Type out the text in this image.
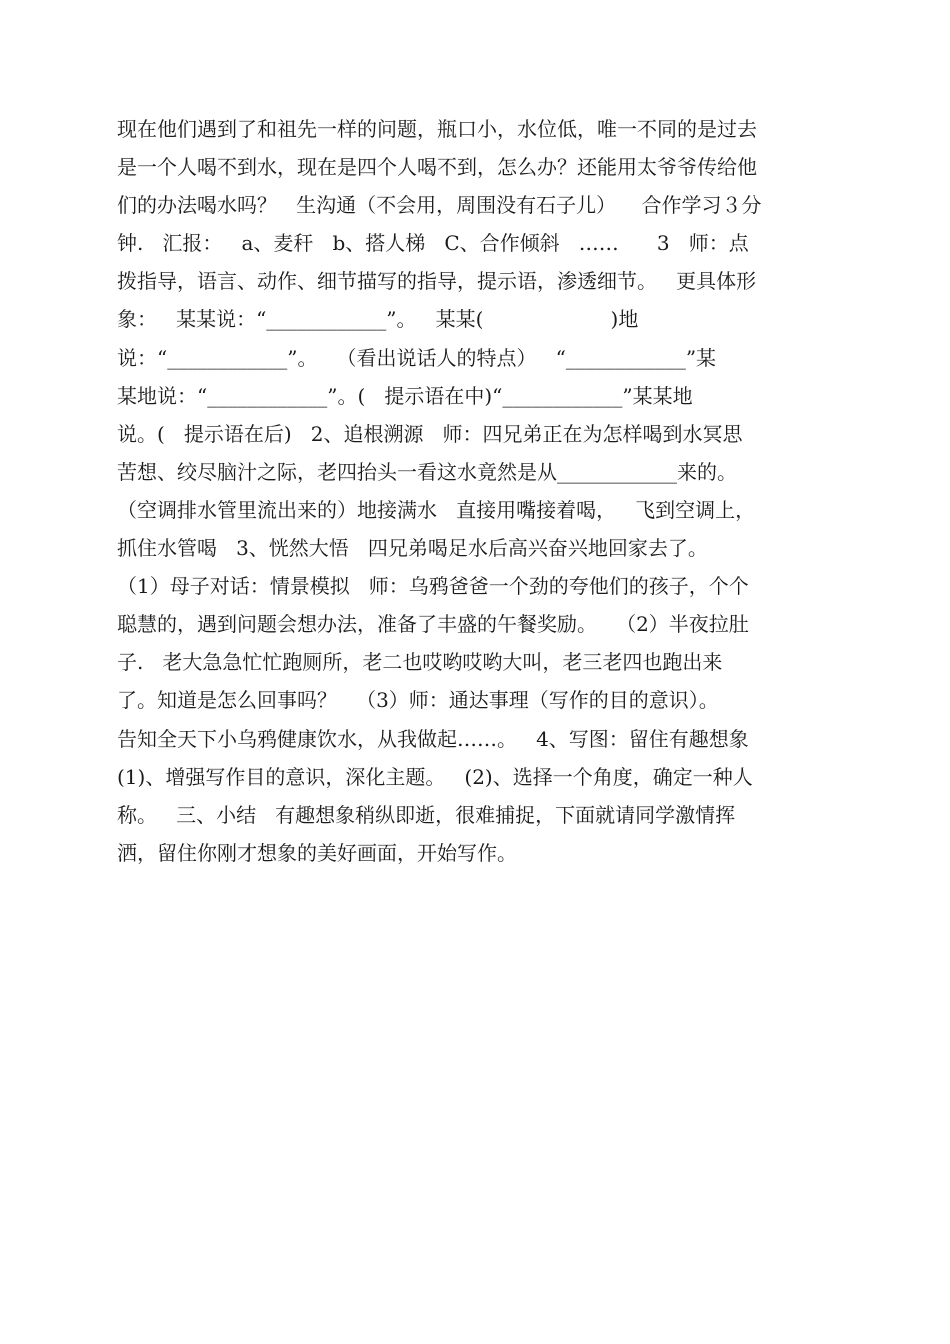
现在他们遇到了和祖先一样的问题，瓶口小，水位低，唯一不同的是过去
是一个人喝不到水，现在是四个人喝不到，怎么办？还能用太爷爷传给他
们的办法喝水吗？   生沟通（不会用，周围没有石子儿）    合作学习３分
钟.   汇报：   a、麦秆   b、搭人梯   C、合作倾斜   ……      3   师：点
拨指导，语言、动作、细节描写的指导，提示语，渗透细节。   更具体形
象：   某某说：“____________”。   某某(                    )地
说：“____________”。   （看出说话人的特点）   “____________”某
某地说：“____________”。(   提示语在中)“____________”某某地
说。(   提示语在后)   2、追根溯源   师：四兄弟正在为怎样喝到水冥思
苦想、绞尽脑汁之际，老四抬头一看这水竟然是从____________来的。
（空调排水管里流出来的）地接满水   直接用嘴接着喝，   飞到空调上，
抓住水管喝   3、恍然大悟   四兄弟喝足水后高兴奋兴地回家去了。
（1）母子对话：情景模拟   师：乌鸦爸爸一个劲的夸他们的孩子，个个
聪慧的，遇到问题会想办法，准备了丰盛的午餐奖励。   （2）半夜拉肚
子.   老大急急忙忙跑厕所，老二也哎哟哎哟大叫，老三老四也跑出来
了。知道是怎么回事吗？   （3）师：通达事理（写作的目的意识）。
告知全天下小乌鸦健康饮水，从我做起……。   4、写图：留住有趣想象
(1)、增强写作目的意识，深化主题。   (2)、选择一个角度，确定一种人
称。   三、小结   有趣想象稍纵即逝，很难捕捉，下面就请同学激情挥
洒，留住你刚才想象的美好画面，开始写作。
